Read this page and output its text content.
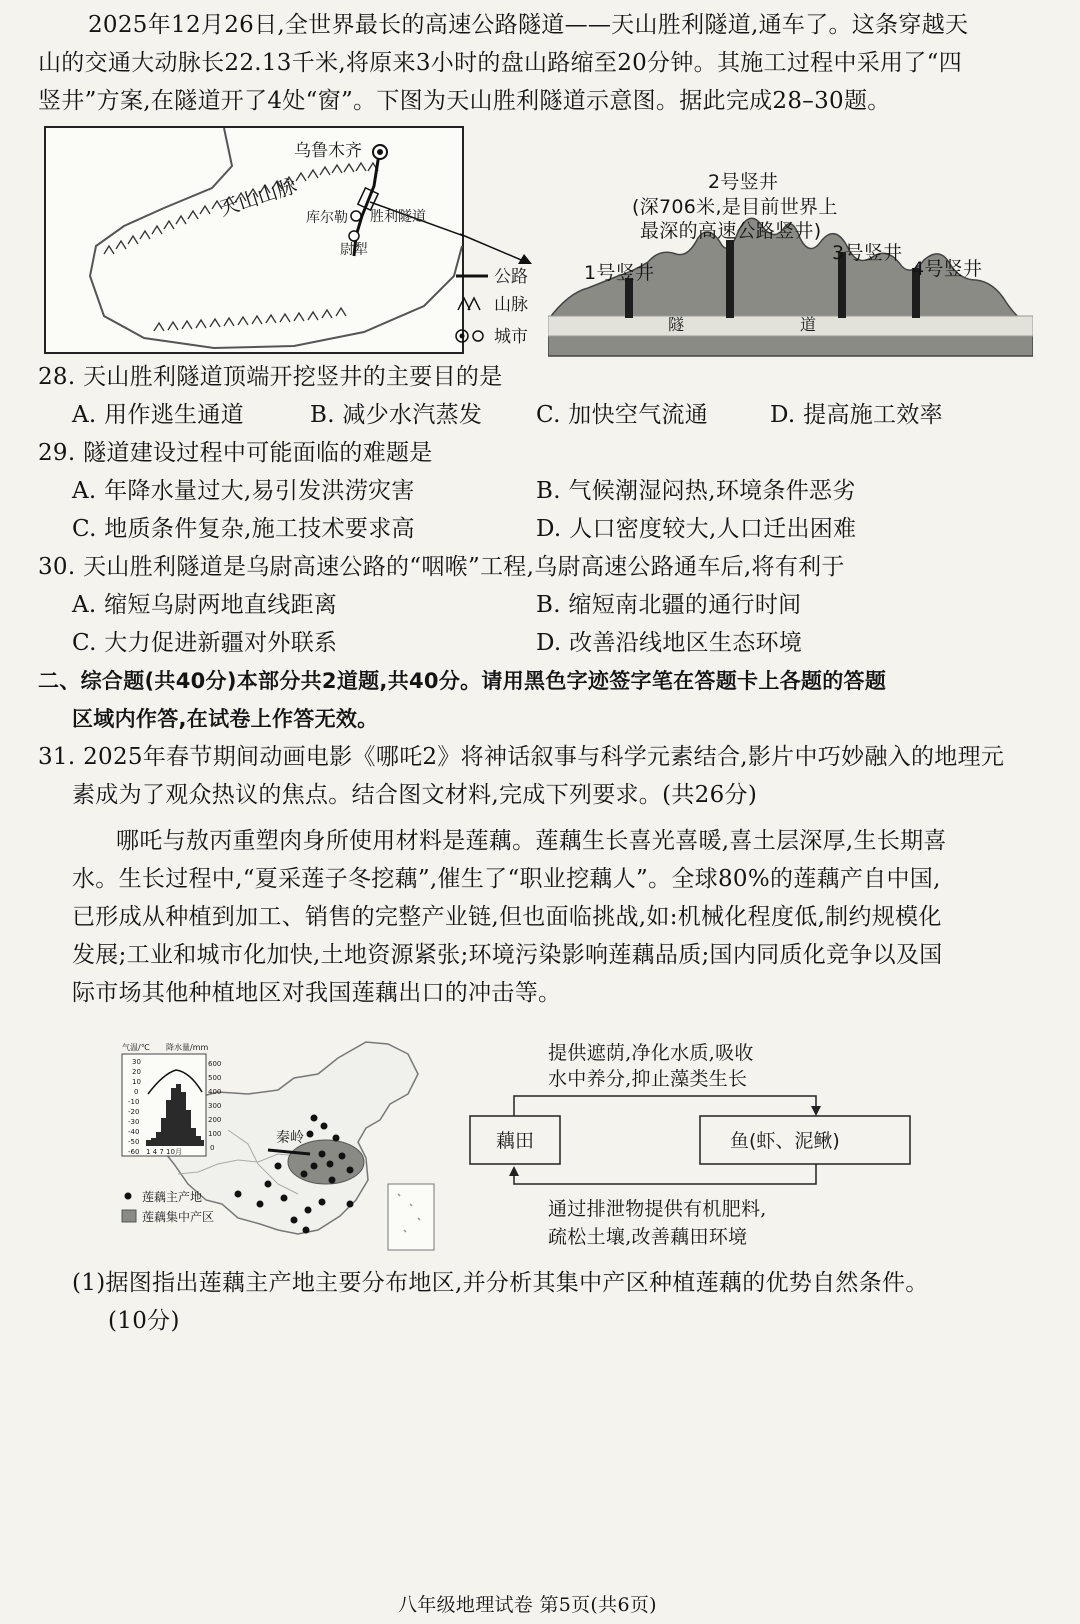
2025年12月26日,全世界最长的高速公路隧道——天山胜利隧道,通车了。这条穿越天
山的交通大动脉长22.13千米,将原来3小时的盘山路缩至20分钟。其施工过程中采用了“四
竖井”方案,在隧道开了4处“窗”。下图为天山胜利隧道示意图。据此完成28–30题。
乌鲁木齐
天山山脉 库尔勒 胜利隧道
尉犁
公路
山脉
城市
隧	道
2号竖井
(深706米,是目前世界上
最深的高速公路竖井)
1号竖井
3号竖井
4号竖井
28. 天山胜利隧道顶端开挖竖井的主要目的是
A. 用作逃生通道	B. 减少水汽蒸发 C. 加快空气流通	D. 提高施工效率
29. 隧道建设过程中可能面临的难题是
A. 年降水量过大,易引发洪涝灾害	B. 气候潮湿闷热,环境条件恶劣
C. 地质条件复杂,施工技术要求高	D. 人口密度较大,人口迁出困难
30. 天山胜利隧道是乌尉高速公路的“咽喉”工程,乌尉高速公路通车后,将有利于
A. 缩短乌尉两地直线距离	B. 缩短南北疆的通行时间
C. 大力促进新疆对外联系	D. 改善沿线地区生态环境
二、综合题(共40分)本部分共2道题,共40分。请用黑色字迹签字笔在答题卡上各题的答题
区域内作答,在试卷上作答无效。
31. 2025年春节期间动画电影《哪吒2》将神话叙事与科学元素结合,影片中巧妙融入的地理元
素成为了观众热议的焦点。结合图文材料,完成下列要求。(共26分)
哪吒与敖丙重塑肉身所使用材料是莲藕。莲藕生长喜光喜暖,喜土层深厚,生长期喜
水。生长过程中,“夏采莲子冬挖藕”,催生了“职业挖藕人”。全球80%的莲藕产自中国,
已形成从种植到加工、销售的完整产业链,但也面临挑战,如:机械化程度低,制约规模化
发展;工业和城市化加快,土地资源紧张;环境污染影响莲藕品质;国内同质化竞争以及国
际市场其他种植地区对我国莲藕出口的冲击等。
秦岭
气温/℃ 降水量/mm
30
20
10
0
-10
-20
-30
-40
-50
-60
600
500
400
300
200
100
0
1 4 7 10月
莲藕主产地
莲藕集中产区
藕田	鱼(虾、泥鳅)
提供遮荫,净化水质,吸收
水中养分,抑止藻类生长
通过排泄物提供有机肥料,
疏松土壤,改善藕田环境
(1)据图指出莲藕主产地主要分布地区,并分析其集中产区种植莲藕的优势自然条件。
(10分)
八年级地理试卷 第5页(共6页)
